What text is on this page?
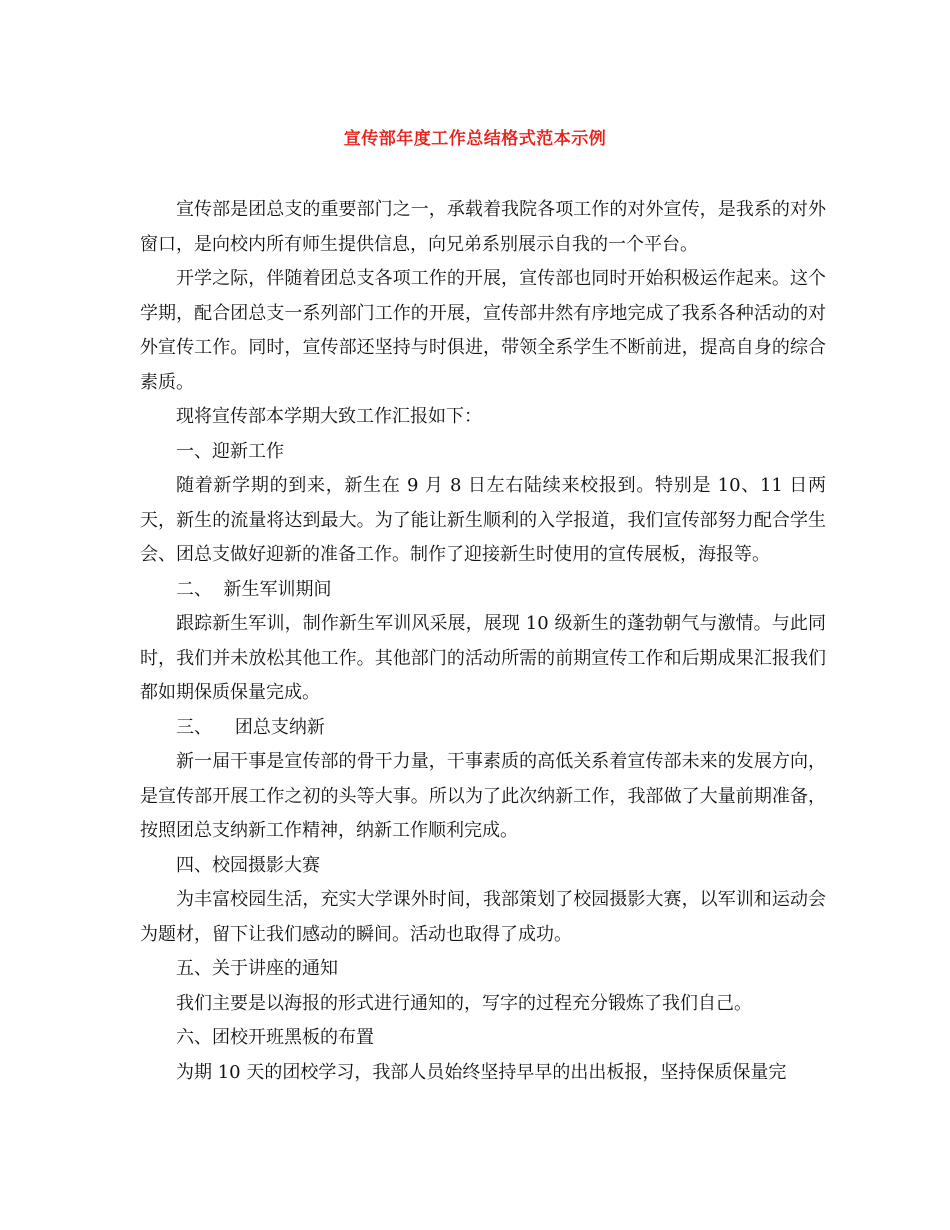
宣传部年度工作总结格式范本示例

宣传部是团总支的重要部门之一，承载着我院各项工作的对外宣传，是我系的对外窗口，是向校内所有师生提供信息，向兄弟系别展示自我的一个平台。

开学之际，伴随着团总支各项工作的开展，宣传部也同时开始积极运作起来。这个学期，配合团总支一系列部门工作的开展，宣传部井然有序地完成了我系各种活动的对外宣传工作。同时，宣传部还坚持与时俱进，带领全系学生不断前进，提高自身的综合素质。

现将宣传部本学期大致工作汇报如下：

一、迎新工作

随着新学期的到来，新生在 9 月 8 日左右陆续来校报到。特别是 10、11 日两天，新生的流量将达到最大。为了能让新生顺利的入学报道，我们宣传部努力配合学生会、团总支做好迎新的准备工作。制作了迎接新生时使用的宣传展板，海报等。

二、  新生军训期间

跟踪新生军训，制作新生军训风采展，展现 10 级新生的蓬勃朝气与激情。与此同时，我们并未放松其他工作。其他部门的活动所需的前期宣传工作和后期成果汇报我们都如期保质保量完成。

三、    团总支纳新

新一届干事是宣传部的骨干力量，干事素质的高低关系着宣传部未来的发展方向，是宣传部开展工作之初的头等大事。所以为了此次纳新工作，我部做了大量前期准备，按照团总支纳新工作精神，纳新工作顺利完成。

四、校园摄影大赛

为丰富校园生活，充实大学课外时间，我部策划了校园摄影大赛，以军训和运动会为题材，留下让我们感动的瞬间。活动也取得了成功。

五、关于讲座的通知

我们主要是以海报的形式进行通知的，写字的过程充分锻炼了我们自己。

六、团校开班黑板的布置

为期 10 天的团校学习，我部人员始终坚持早早的出出板报，坚持保质保量完
